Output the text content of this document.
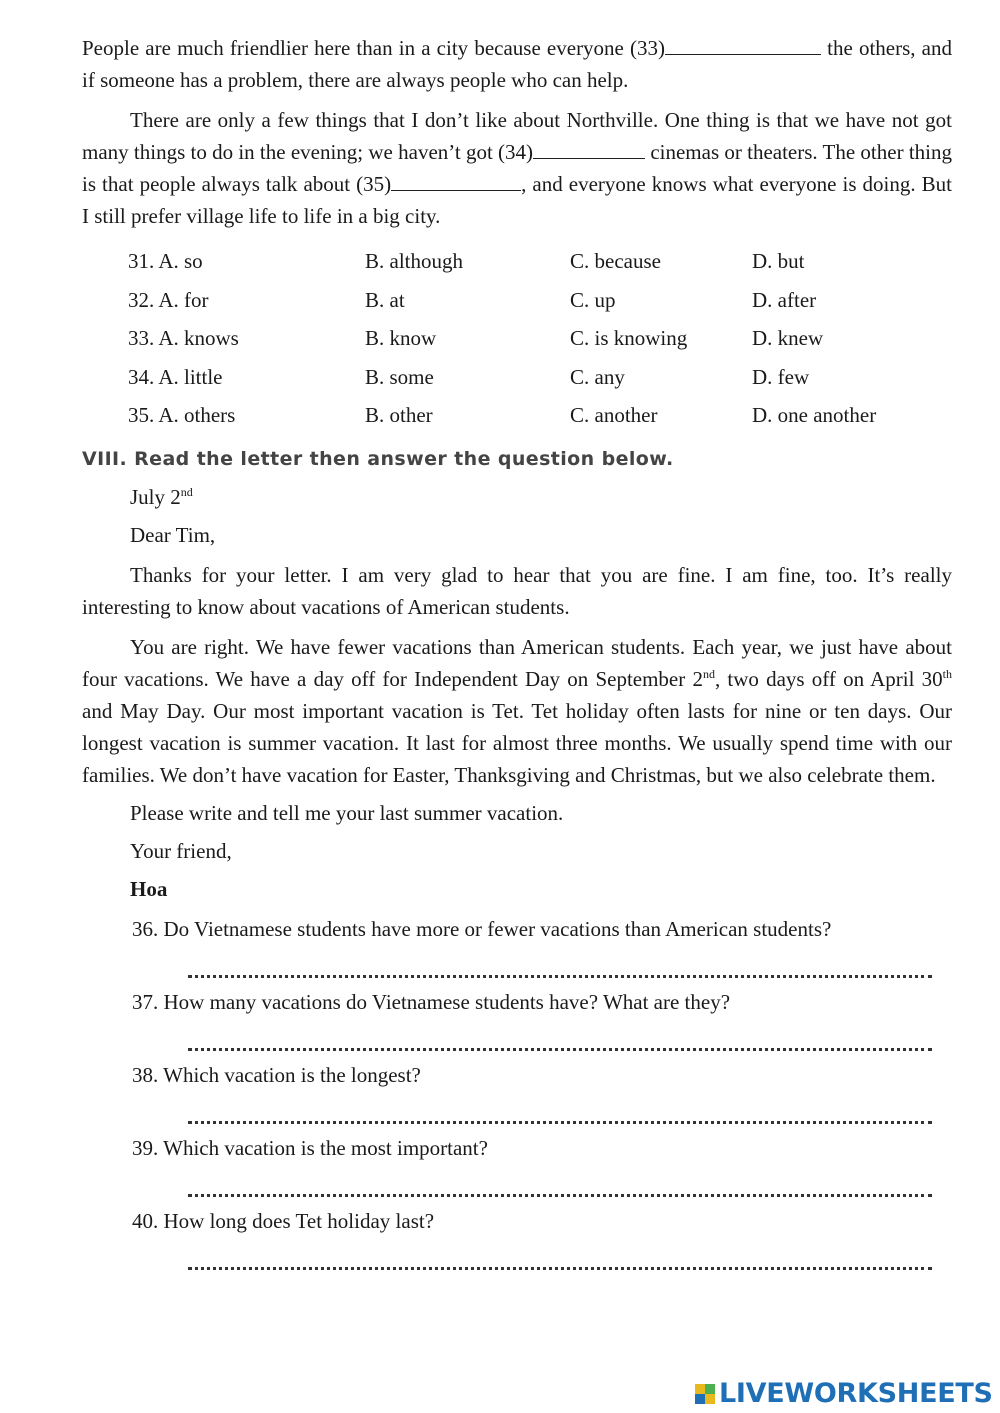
People are much friendlier here than in a city because everyone (33)	the others, and if someone has a problem, there are always people who can help.

There are only a few things that I don’t like about Northville. One thing is that we have not got many things to do in the evening; we haven’t got (34)	cinemas or theaters. The other thing is that people always talk about (35)	, and everyone knows what everyone is doing. But I still prefer village life to life in a big city.

31. A. so	B. although	C. because	D. but
32. A. for	B. at	C. up	D. after
33. A. knows	B. know	C. is knowing	D. knew
34. A. little	B. some	C. any	D. few
35. A. others	B. other	C. another	D. one another
VIII. Read the letter then answer the question below.
July 2nd
Dear Tim,

Thanks for your letter. I am very glad to hear that you are fine. I am fine, too. It’s really interesting to know about vacations of American students.

You are right. We have fewer vacations than American students. Each year, we just have about four vacations. We have a day off for Independent Day on September 2nd, two days off on April 30th and May Day. Our most important vacation is Tet. Tet holiday often lasts for nine or ten days. Our longest vacation is summer vacation. It last for almost three months. We usually spend time with our families. We don’t have vacation for Easter, Thanksgiving and Christmas, but we also celebrate them.

Please write and tell me your last summer vacation.
Your friend,
Hoa
36. Do Vietnamese students have more or fewer vacations than American students?
37. How many vacations do Vietnamese students have? What are they?
38. Which vacation is the longest?
39. Which vacation is the most important?
40. How long does Tet holiday last?
LIVEWORKSHEETS
